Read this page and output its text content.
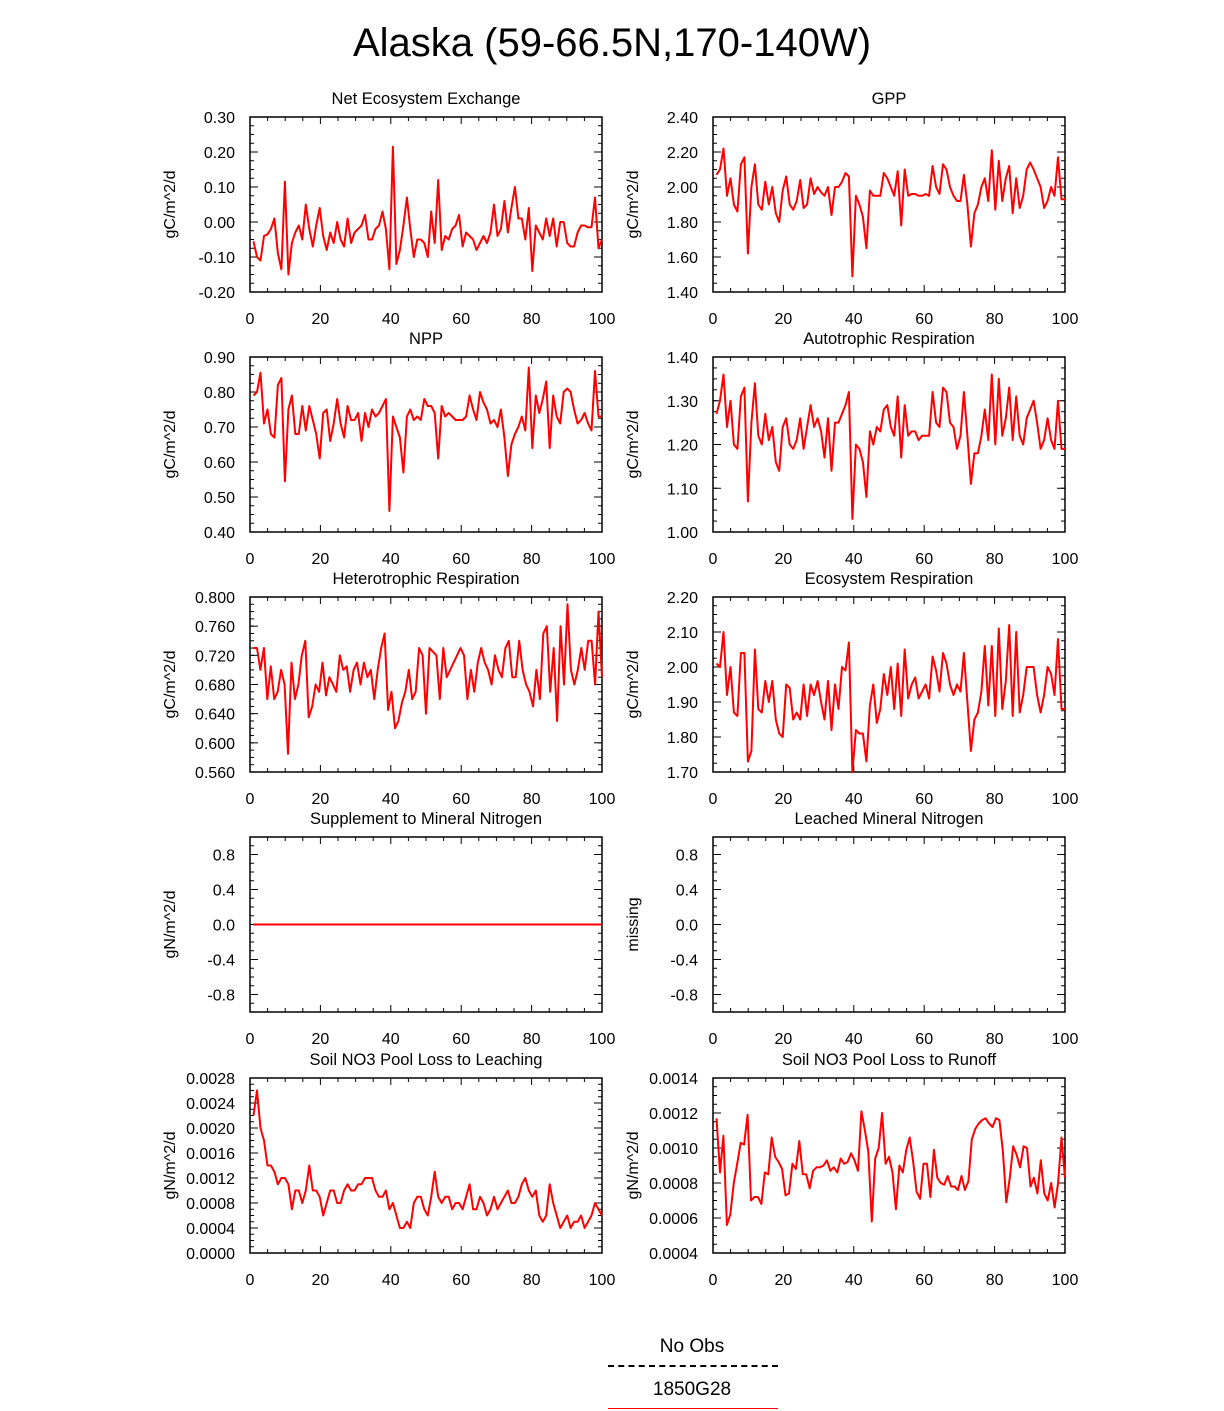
Alaska (59-66.5N,170-140W)
Net Ecosystem Exchange
gC/m^2/d
0	20	40	60	80	100
-0.20
-0.10
0.00
0.10
0.20
0.30
GPP
gC/m^2/d
0	20	40	60	80	100
1.40
1.60
1.80
2.00
2.20
2.40
NPP
gC/m^2/d
0	20	40	60	80	100
0.40
0.50
0.60
0.70
0.80
0.90
Autotrophic Respiration
gC/m^2/d
0	20	40	60	80	100
1.00
1.10
1.20
1.30
1.40
Heterotrophic Respiration
gC/m^2/d
0	20	40	60	80	100
0.560
0.600
0.640
0.680
0.720
0.760
0.800
Ecosystem Respiration
gC/m^2/d
0	20	40	60	80	100
1.70
1.80
1.90
2.00
2.10
2.20
Supplement to Mineral Nitrogen
gN/m^2/d
0	20	40	60	80	100
-0.8
-0.4
0.0
0.4
0.8
Leached Mineral Nitrogen
missing
0	20	40	60	80	100
-0.8
-0.4
0.0
0.4
0.8
Soil NO3 Pool Loss to Leaching
gN/m^2/d
0	20	40	60	80	100
0.0000
0.0004
0.0008
0.0012
0.0016
0.0020
0.0024
0.0028
Soil NO3 Pool Loss to Runoff
gN/m^2/d
0	20	40	60	80	100
0.0004
0.0006
0.0008
0.0010
0.0012
0.0014
No Obs
1850G28
